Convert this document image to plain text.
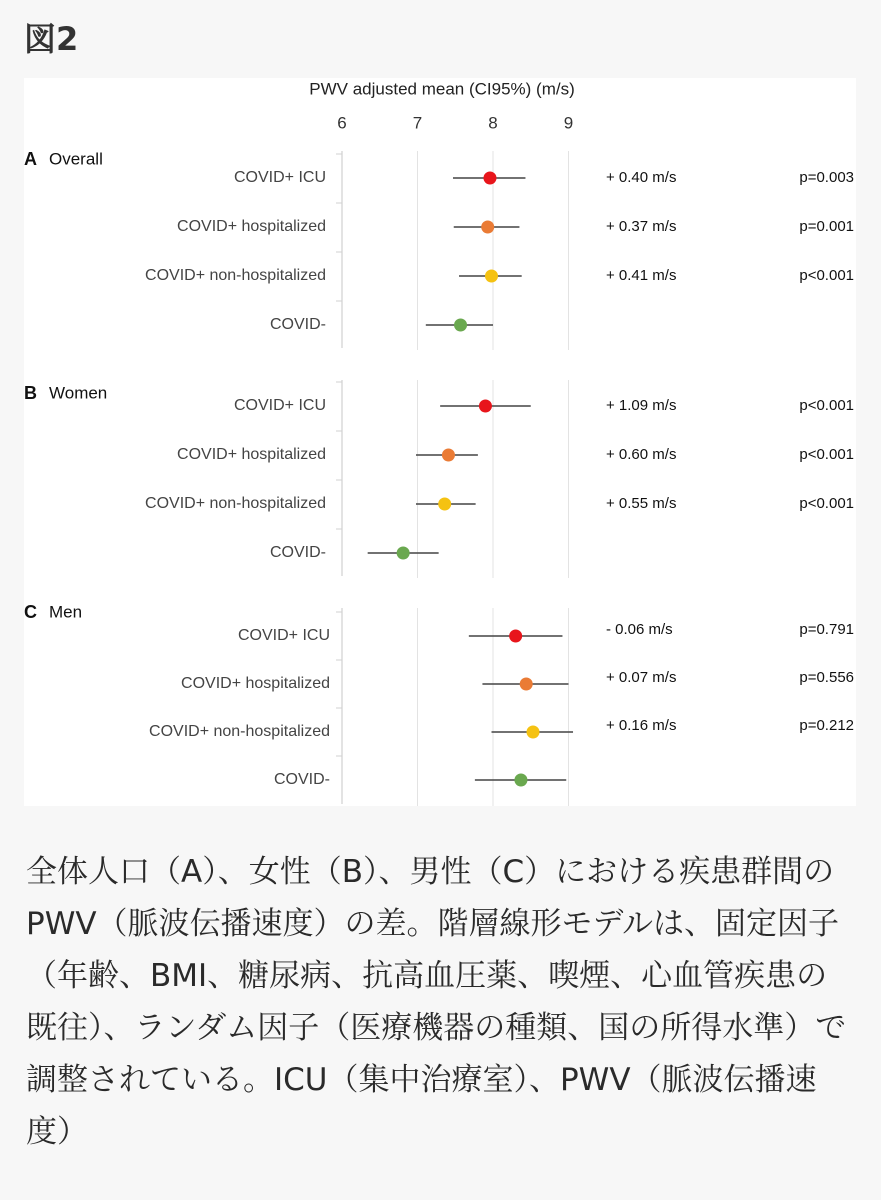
図2
PWV adjusted mean (CI95%) (m/s)
6	7	8	9
A Overall
COVID+ ICU	+ 0.40 m/s	p=0.003
COVID+ hospitalized	+ 0.37 m/s	p=0.001
COVID+ non-hospitalized	+ 0.41 m/s	p<0.001
COVID-
B Women
COVID+ ICU	+ 1.09 m/s	p<0.001
COVID+ hospitalized	+ 0.60 m/s	p<0.001
COVID+ non-hospitalized	+ 0.55 m/s	p<0.001
COVID-
C Men
COVID+ ICU	- 0.06 m/s	p=0.791
COVID+ hospitalized	+ 0.07 m/s	p=0.556
COVID+ non-hospitalized	+ 0.16 m/s	p=0.212
COVID-

全体人口（A）、女性（B）、男性（C）における疾患群間のPWV（脈波伝播速度）の差。階層線形モデルは、固定因子（年齢、BMI、糖尿病、抗高血圧薬、喫煙、心血管疾患の既往）、ランダム因子（医療機器の種類、国の所得水準）で調整されている。ICU（集中治療室）、PWV（脈波伝播速度）
